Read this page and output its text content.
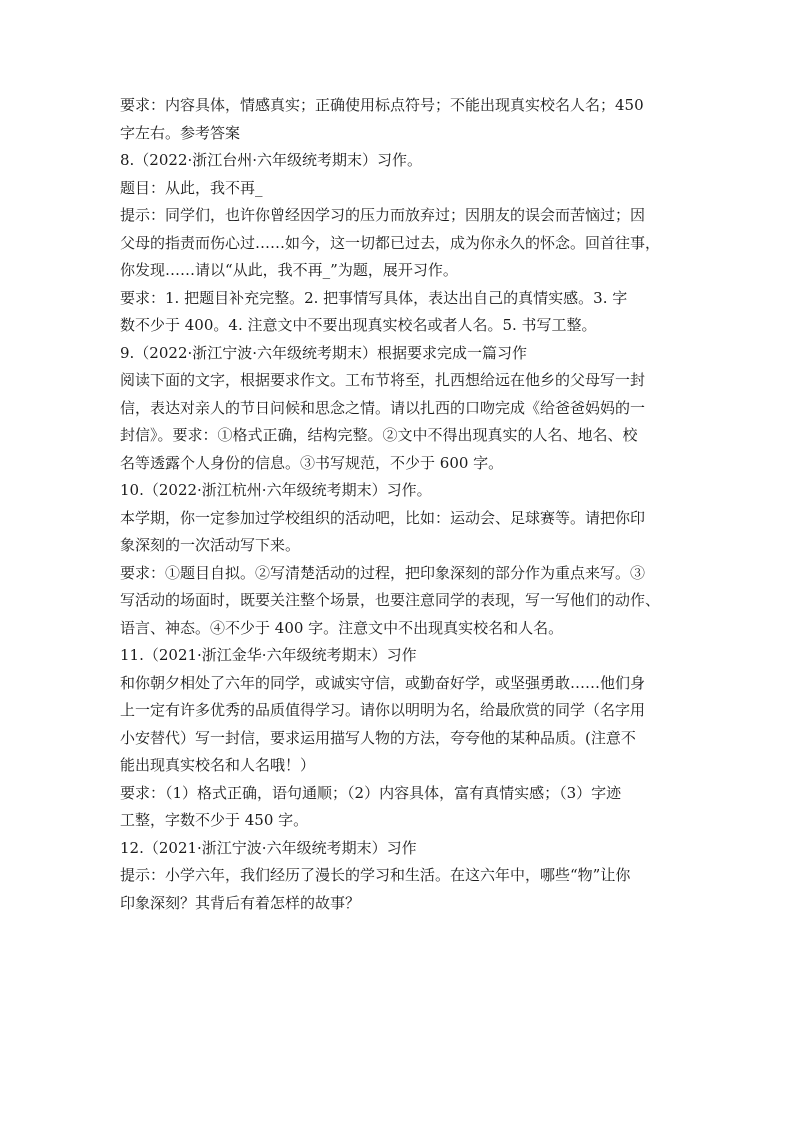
要求：内容具体，情感真实；正确使用标点符号；不能出现真实校名人名；450
字左右。参考答案
8.（2022·浙江台州·六年级统考期末）习作。
题目：从此，我不再_
提示：同学们，也许你曾经因学习的压力而放弃过；因朋友的误会而苦恼过；因
父母的指责而伤心过……如今，这一切都已过去，成为你永久的怀念。回首往事，
你发现……请以“从此，我不再_”为题，展开习作。
要求：1. 把题目补充完整。2. 把事情写具体，表达出自己的真情实感。3. 字
数不少于 400。4. 注意文中不要出现真实校名或者人名。5. 书写工整。
9.（2022·浙江宁波·六年级统考期末）根据要求完成一篇习作
阅读下面的文字，根据要求作文。工布节将至，扎西想给远在他乡的父母写一封
信，表达对亲人的节日问候和思念之情。请以扎西的口吻完成《给爸爸妈妈的一
封信》。要求：①格式正确，结构完整。②文中不得出现真实的人名、地名、校
名等透露个人身份的信息。③书写规范，不少于 600 字。
10.（2022·浙江杭州·六年级统考期末）习作。
本学期，你一定参加过学校组织的活动吧，比如：运动会、足球赛等。请把你印
象深刻的一次活动写下来。
要求：①题目自拟。②写清楚活动的过程，把印象深刻的部分作为重点来写。③
写活动的场面时，既要关注整个场景，也要注意同学的表现，写一写他们的动作、
语言、神态。④不少于 400 字。注意文中不出现真实校名和人名。
11.（2021·浙江金华·六年级统考期末）习作
和你朝夕相处了六年的同学，或诚实守信，或勤奋好学，或坚强勇敢……他们身
上一定有许多优秀的品质值得学习。请你以明明为名，给最欣赏的同学（名字用
小安替代）写一封信，要求运用描写人物的方法，夸夸他的某种品质。(注意不
能出现真实校名和人名哦！）
要求：（1）格式正确，语句通顺；（2）内容具体，富有真情实感；（3）字迹
工整，字数不少于 450 字。
12.（2021·浙江宁波·六年级统考期末）习作
提示：小学六年，我们经历了漫长的学习和生活。在这六年中，哪些“物”让你
印象深刻？其背后有着怎样的故事？
